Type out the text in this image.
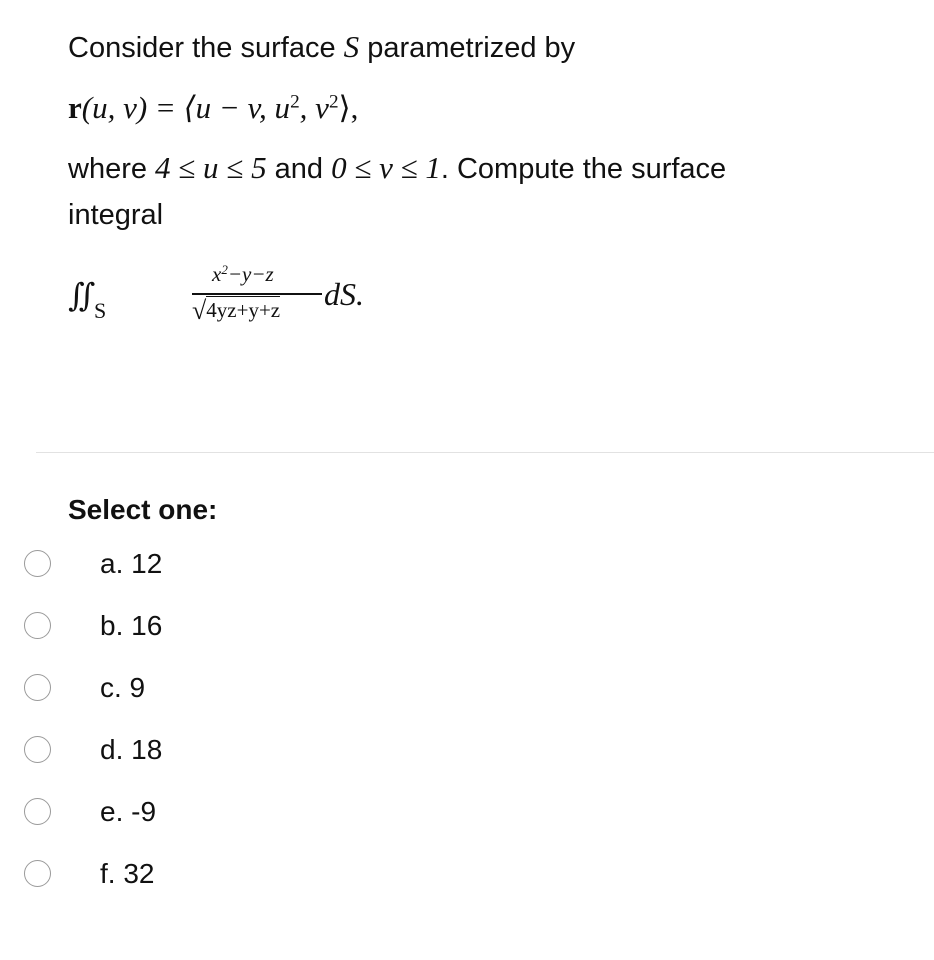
Consider the surface S parametrized by
r(u, v) = ⟨u − v, $u^2$, $v^2⟩$,
where 4 ≤ u ≤ 5 and 0 ≤ v ≤ 1. Compute the surface
integral
∬ S
$x^2-y-z$
√4yz+y+z dS.
Select one:
a. 12
b. 16
c. 9
d. 18
e. -9
f. 32
